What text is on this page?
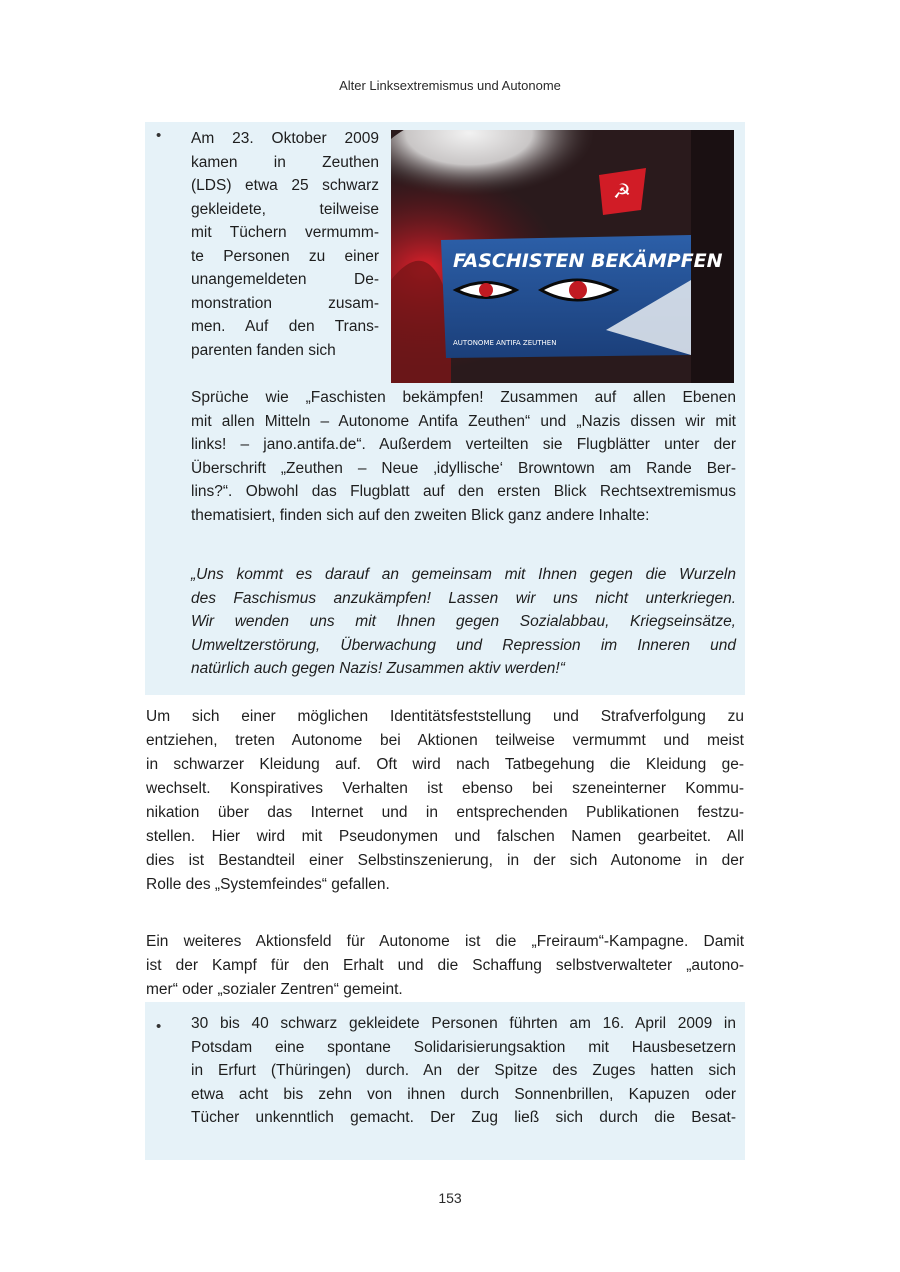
Alter Linksextremismus und Autonome
• Am 23. Oktober 2009
kamen in Zeuthen
(LDS) etwa 25 schwarz
gekleidete, teilweise
mit Tüchern vermumm-
te Personen zu einer
unangemeldeten De-
monstration zusam-
men. Auf den Trans-
parenten fanden sich
☭
FASCHISTEN BEKÄMPFEN
AUTONOME ANTIFA ZEUTHEN
Sprüche wie „Faschisten bekämpfen! Zusammen auf allen Ebenen
mit allen Mitteln – Autonome Antifa Zeuthen“ und „Nazis dissen wir mit
links! – jano.antifa.de“. Außerdem verteilten sie Flugblätter unter der
Überschrift „Zeuthen – Neue ‚idyllische‘ Browntown am Rande Ber-
lins?“. Obwohl das Flugblatt auf den ersten Blick Rechtsextremismus
thematisiert, finden sich auf den zweiten Blick ganz andere Inhalte:
„Uns kommt es darauf an gemeinsam mit Ihnen gegen die Wurzeln
des Faschismus anzukämpfen! Lassen wir uns nicht unterkriegen.
Wir wenden uns mit Ihnen gegen Sozialabbau, Kriegseinsätze,
Umweltzerstörung, Überwachung und Repression im Inneren und
natürlich auch gegen Nazis! Zusammen aktiv werden!“
Um sich einer möglichen Identitätsfeststellung und Strafverfolgung zu
entziehen, treten Autonome bei Aktionen teilweise vermummt und meist
in schwarzer Kleidung auf. Oft wird nach Tatbegehung die Kleidung ge-
wechselt. Konspiratives Verhalten ist ebenso bei szeneinterner Kommu-
nikation über das Internet und in entsprechenden Publikationen festzu-
stellen. Hier wird mit Pseudonymen und falschen Namen gearbeitet. All
dies ist Bestandteil einer Selbstinszenierung, in der sich Autonome in der
Rolle des „Systemfeindes“ gefallen.
Ein weiteres Aktionsfeld für Autonome ist die „Freiraum“-Kampagne. Damit
ist der Kampf für den Erhalt und die Schaffung selbstverwalteter „autono-
mer“ oder „sozialer Zentren“ gemeint.
• 30 bis 40 schwarz gekleidete Personen führten am 16. April 2009 in
Potsdam eine spontane Solidarisierungsaktion mit Hausbesetzern
in Erfurt (Thüringen) durch. An der Spitze des Zuges hatten sich
etwa acht bis zehn von ihnen durch Sonnenbrillen, Kapuzen oder
Tücher unkenntlich gemacht. Der Zug ließ sich durch die Besat-
153
